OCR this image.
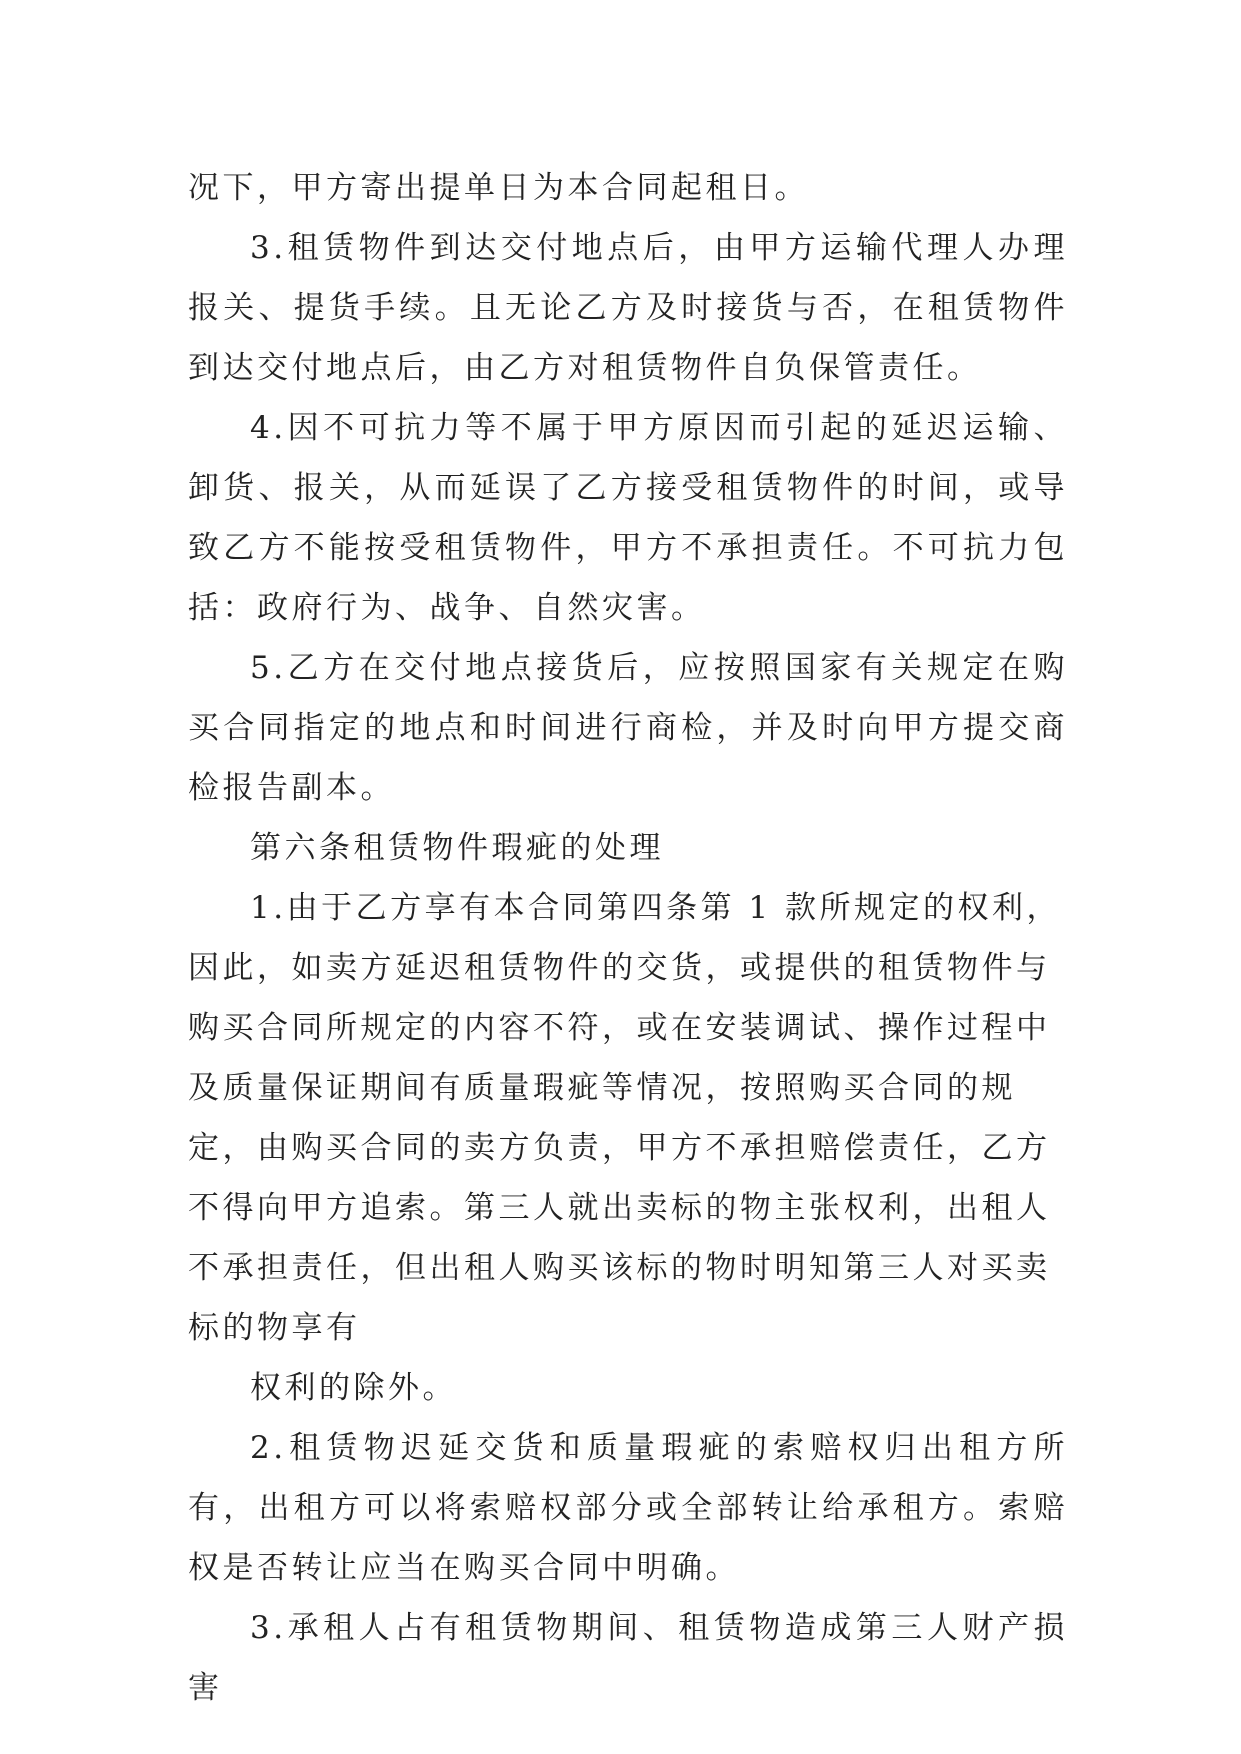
况下，甲方寄出提单日为本合同起租日。

3.租赁物件到达交付地点后，由甲方运输代理人办理报关、提货手续。且无论乙方及时接货与否，在租赁物件到达交付地点后，由乙方对租赁物件自负保管责任。

4.因不可抗力等不属于甲方原因而引起的延迟运输、卸货、报关，从而延误了乙方接受租赁物件的时间，或导致乙方不能按受租赁物件，甲方不承担责任。不可抗力包括：政府行为、战争、自然灾害。

5.乙方在交付地点接货后，应按照国家有关规定在购买合同指定的地点和时间进行商检，并及时向甲方提交商检报告副本。

第六条租赁物件瑕疵的处理

1.由于乙方享有本合同第四条第 1 款所规定的权利，因此，如卖方延迟租赁物件的交货，或提供的租赁物件与购买合同所规定的内容不符，或在安装调试、操作过程中及质量保证期间有质量瑕疵等情况，按照购买合同的规定，由购买合同的卖方负责，甲方不承担赔偿责任，乙方不得向甲方追索。第三人就出卖标的物主张权利，出租人不承担责任，但出租人购买该标的物时明知第三人对买卖标的物享有

权利的除外。

2.租赁物迟延交货和质量瑕疵的索赔权归出租方所有，出租方可以将索赔权部分或全部转让给承租方。索赔权是否转让应当在购买合同中明确。

3.承租人占有租赁物期间、租赁物造成第三人财产损害
